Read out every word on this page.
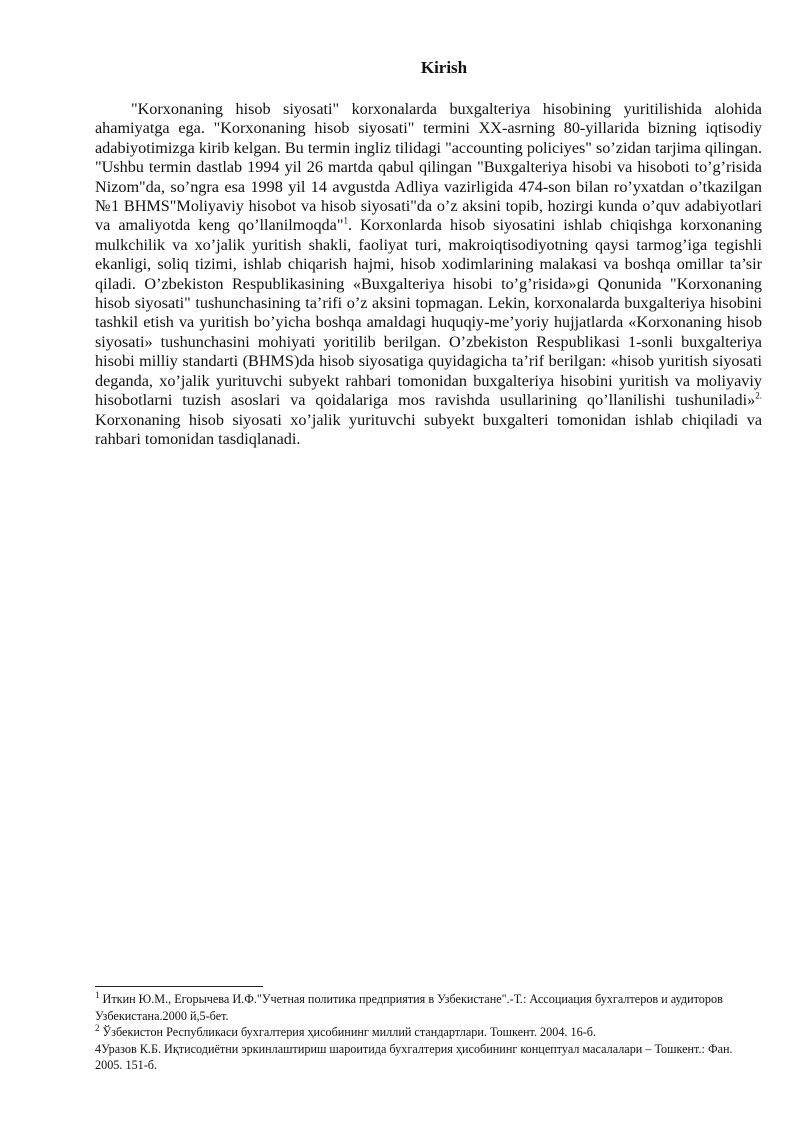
Kirish

"Korxonaning hisob siyosati" korxonalarda buxgalteriya hisobining yuritilishida alohida ahamiyatga ega. "Korxonaning hisob siyosati" termini XX-asrning 80-yillarida bizning iqtisodiy adabiyotimizga kirib kelgan. Bu termin ingliz tilidagi "accounting policiyes" so’zidan tarjima qilingan. "Ushbu termin dastlab 1994 yil 26 martda qabul qilingan "Buxgalteriya hisobi va hisoboti to’g’risida Nizom"da, so’ngra esa 1998 yil 14 avgustda Adliya vazirligida 474-son bilan ro’yxatdan o’tkazilgan №1 BHMS"Moliyaviy hisobot va hisob siyosati"da o’z aksini topib, hozirgi kunda o’quv adabiyotlari va amaliyotda keng qo’llanilmoqda"$^1$. Korxonlarda hisob siyosatini ishlab chiqishga korxonaning mulkchilik va xo’jalik yuritish shakli, faoliyat turi, makroiqtisodiyotning qaysi tarmog’iga tegishli ekanligi, soliq tizimi, ishlab chiqarish hajmi, hisob xodimlarining malakasi va boshqa omillar ta’sir qiladi. O’zbekiston Respublikasining «Buxgalteriya hisobi to’g’risida»gi Qonunida "Korxonaning hisob siyosati" tushunchasining ta’rifi o’z aksini topmagan. Lekin, korxonalarda buxgalteriya hisobini tashkil etish va yuritish bo’yicha boshqa amaldagi huquqiy-me’yoriy hujjatlarda «Korxonaning hisob siyosati» tushunchasini mohiyati yoritilib berilgan. O’zbekiston Respublikasi 1-sonli buxgalteriya hisobi milliy standarti (BHMS)da hisob siyosatiga quyidagicha ta’rif berilgan: «hisob yuritish siyosati deganda, xo’jalik yurituvchi subyekt rahbari tomonidan buxgalteriya hisobini yuritish va moliyaviy hisobotlarni tuzish asoslari va qoidalariga mos ravishda usullarining qo’llanilishi tushuniladi»$^{2.}$ Korxonaning hisob siyosati xo’jalik yurituvchi subyekt buxgalteri tomonidan ishlab chiqiladi va rahbari tomonidan tasdiqlanadi.

$^1$ Иткин Ю.М., Егорычева И.Ф."Учетная политика предприятия в Узбекистане".-Т.: Ассоциация бухгалтеров и аудиторов Узбекистана.2000 й,5-бет.

$^2$ Ўзбекистон Республикаси бухгалтерия ҳисобининг миллий стандартлари. Тошкент. 2004. 16-б.

4Уразов К.Б. Иқтисодиётни эркинлаштириш шароитида бухгалтерия ҳисобининг концептуал масалалари – Тошкент.: Фан. 2005. 151-б.
